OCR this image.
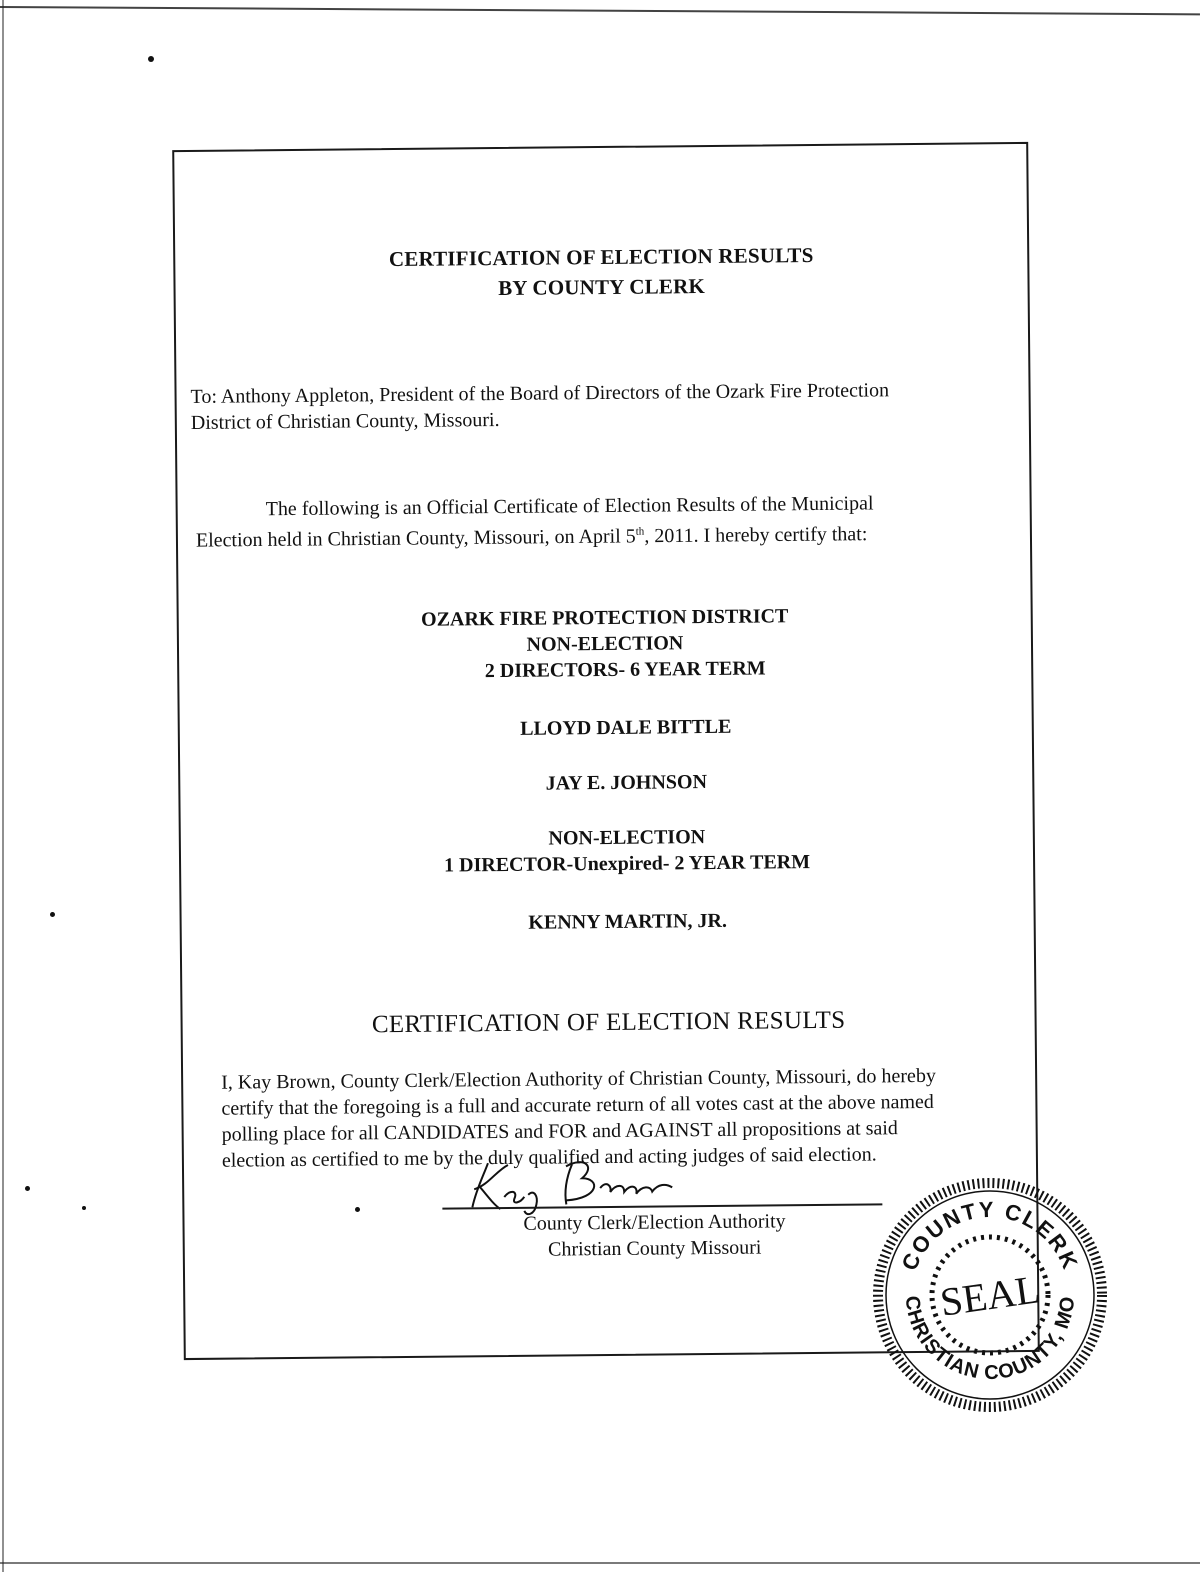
CERTIFICATION OF ELECTION RESULTS
BY COUNTY CLERK
To: Anthony Appleton, President of the Board of Directors of the Ozark Fire Protection
District of Christian County, Missouri.
The following is an Official Certificate of Election Results of the Municipal
Election held in Christian County, Missouri, on April 5th, 2011. I hereby certify that:
OZARK FIRE PROTECTION DISTRICT
NON-ELECTION
2 DIRECTORS- 6 YEAR TERM
LLOYD DALE BITTLE
JAY E. JOHNSON
NON-ELECTION
1 DIRECTOR-Unexpired- 2 YEAR TERM
KENNY MARTIN, JR.
CERTIFICATION OF ELECTION RESULTS
I, Kay Brown, County Clerk/Election Authority of Christian County, Missouri, do hereby
certify that the foregoing is a full and accurate return of all votes cast at the above named
polling place for all CANDIDATES and FOR and AGAINST all propositions at said
election as certified to me by the duly qualified and acting judges of said election.
County Clerk/Election Authority
Christian County Missouri	COUNTY CLERK
CHRISTIAN COUNTY, MO
SEAL
